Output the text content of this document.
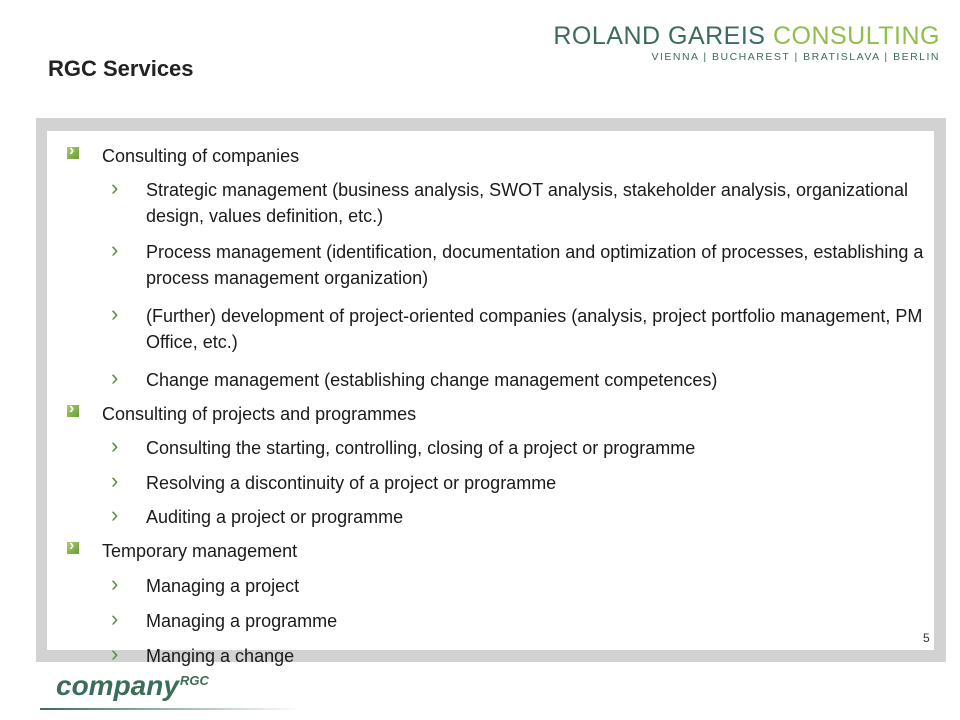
ROLAND GAREIS CONSULTING
VIENNA | BUCHAREST | BRATISLAVA | BERLIN
RGC Services
›
Consulting of companies
› Strategic management (business analysis, SWOT analysis, stakeholder analysis, organizational design, values definition, etc.)
› Process management (identification, documentation and optimization of processes, establishing a process management organization)
› (Further) development of project-oriented companies (analysis, project portfolio management, PM Office, etc.)
› Change management (establishing change management competences)
›
Consulting of projects and programmes
› Consulting the starting, controlling, closing of a project or programme
› Resolving a discontinuity of a project or programme
› Auditing a project or programme
›
Temporary management
› Managing a project
› Managing a programme
› Manging a change
5
company$^{RGC}$
